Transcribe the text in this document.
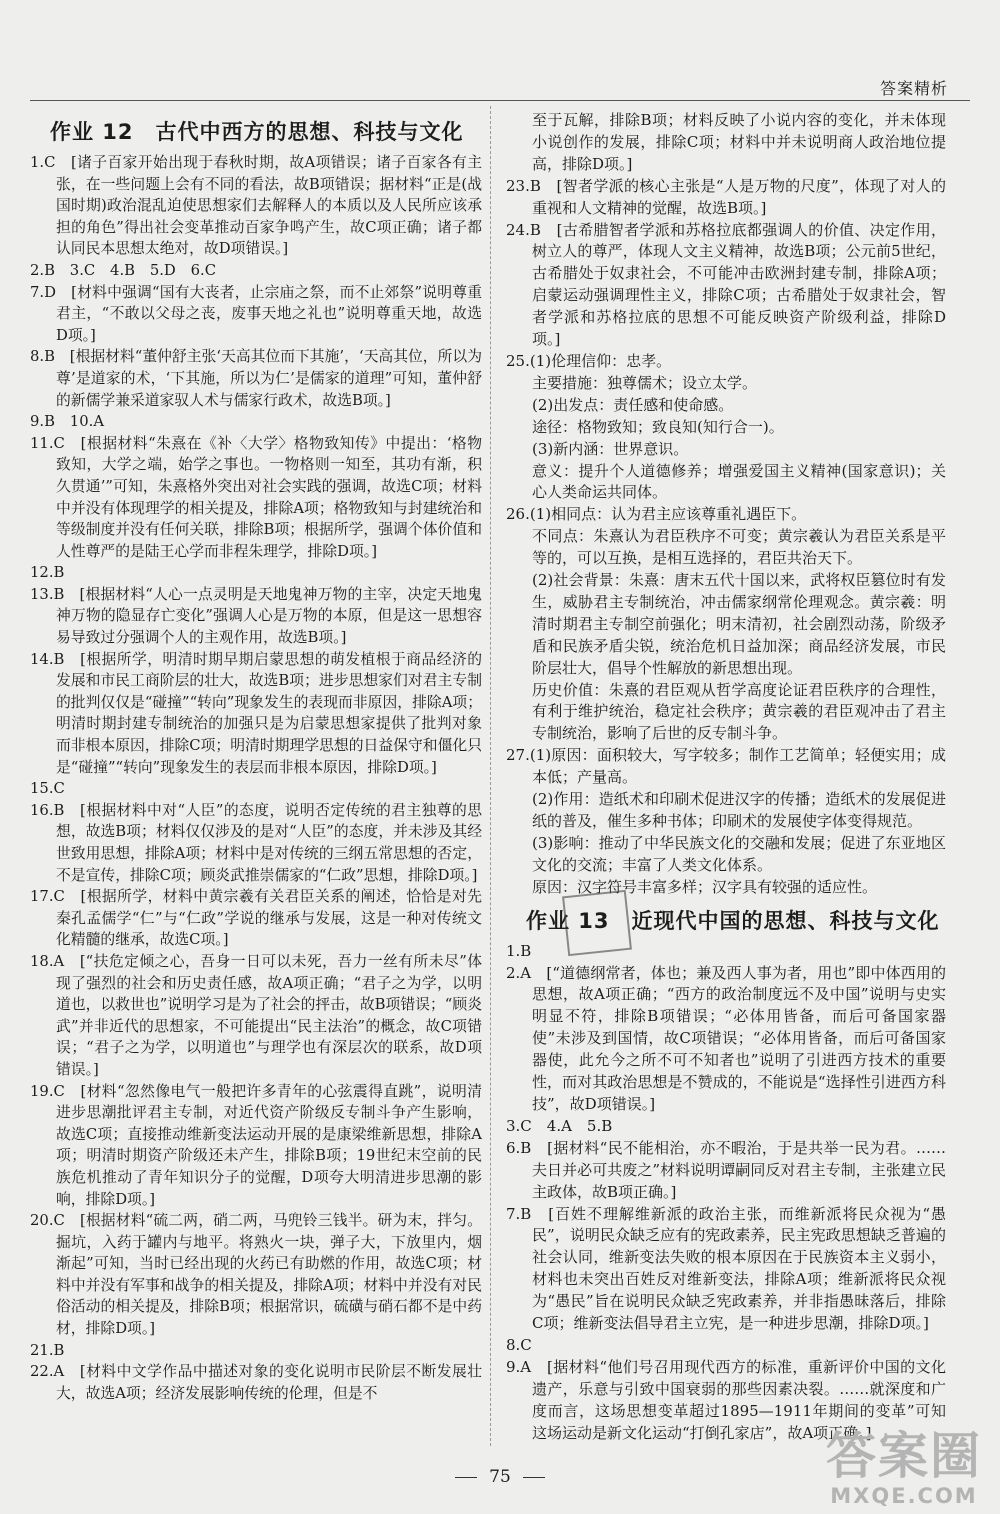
答案精析
作业 12　古代中西方的思想、科技与文化
1.C　[诸子百家开始出现于春秋时期，故A项错误；诸子百家各有主张，在一些问题上会有不同的看法，故B项错误；据材料“正是(战国时期)政治混乱迫使思想家们去解释人的本质以及人民所应该承担的角色”得出社会变革推动百家争鸣产生，故C项正确；诸子都认同民本思想太绝对，故D项错误。]
2.B　3.C　4.B　5.D　6.C
7.D　[材料中强调“国有大丧者，止宗庙之祭，而不止郊祭”说明尊重君主，“不敢以父母之丧，废事天地之礼也”说明尊重天地，故选D项。]
8.B　[根据材料“董仲舒主张‘天高其位而下其施’，‘天高其位，所以为尊’是道家的术，‘下其施，所以为仁’是儒家的道理”可知，董仲舒的新儒学兼采道家驭人术与儒家行政术，故选B项。]
9.B　10.A
11.C　[根据材料“朱熹在《补〈大学〉格物致知传》中提出：‘格物致知，大学之端，始学之事也。一物格则一知至，其功有渐，积久贯通’”可知，朱熹格外突出对社会实践的强调，故选C项；材料中并没有体现理学的相关提及，排除A项；格物致知与封建统治和等级制度并没有任何关联，排除B项；根据所学，强调个体价值和人性尊严的是陆王心学而非程朱理学，排除D项。]
12.B
13.B　[根据材料“人心一点灵明是天地鬼神万物的主宰，决定天地鬼神万物的隐显存亡变化”强调人心是万物的本原，但是这一思想容易导致过分强调个人的主观作用，故选B项。]
14.B　[根据所学，明清时期早期启蒙思想的萌发植根于商品经济的发展和市民工商阶层的壮大，故选B项；进步思想家们对君主专制的批判仅仅是“碰撞”“转向”现象发生的表现而非原因，排除A项；明清时期封建专制统治的加强只是为启蒙思想家提供了批判对象而非根本原因，排除C项；明清时期理学思想的日益保守和僵化只是“碰撞”“转向”现象发生的表层而非根本原因，排除D项。]
15.C
16.B　[根据材料中对“人臣”的态度，说明否定传统的君主独尊的思想，故选B项；材料仅仅涉及的是对“人臣”的态度，并未涉及其经世致用思想，排除A项；材料中是对传统的三纲五常思想的否定，不是宣传，排除C项；顾炎武推崇儒家的“仁政”思想，排除D项。]
17.C　[根据所学，材料中黄宗羲有关君臣关系的阐述，恰恰是对先秦孔孟儒学“仁”与“仁政”学说的继承与发展，这是一种对传统文化精髓的继承，故选C项。]
18.A　[“扶危定倾之心，吾身一日可以未死，吾力一丝有所未尽”体现了强烈的社会和历史责任感，故A项正确；“君子之为学，以明道也，以救世也”说明学习是为了社会的抨击，故B项错误；“顾炎武”并非近代的思想家，不可能提出“民主法治”的概念，故C项错误；“君子之为学，以明道也”与理学也有深层次的联系，故D项错误。]
19.C　[材料“忽然像电气一般把许多青年的心弦震得直跳”，说明清进步思潮批评君主专制，对近代资产阶级反专制斗争产生影响，故选C项；直接推动维新变法运动开展的是康梁维新思想，排除A项；明清时期资产阶级还未产生，排除B项；19世纪末空前的民族危机推动了青年知识分子的觉醒，D项夸大明清进步思潮的影响，排除D项。]
20.C　[根据材料“硫二两，硝二两，马兜铃三钱半。研为末，拌匀。掘坑，入药于罐内与地平。将熟火一块，弹子大，下放里内，烟渐起”可知，当时已经出现的火药已有助燃的作用，故选C项；材料中并没有军事和战争的相关提及，排除A项；材料中并没有对民俗活动的相关提及，排除B项；根据常识，硫磺与硝石都不是中药材，排除D项。]
21.B
22.A　[材料中文学作品中描述对象的变化说明市民阶层不断发展壮大，故选A项；经济发展影响传统的伦理，但是不
至于瓦解，排除B项；材料反映了小说内容的变化，并未体现小说创作的发展，排除C项；材料中并未说明商人政治地位提高，排除D项。]
23.B　[智者学派的核心主张是“人是万物的尺度”，体现了对人的重视和人文精神的觉醒，故选B项。]
24.B　[古希腊智者学派和苏格拉底都强调人的价值、决定作用，树立人的尊严，体现人文主义精神，故选B项；公元前5世纪，古希腊处于奴隶社会，不可能冲击欧洲封建专制，排除A项；启蒙运动强调理性主义，排除C项；古希腊处于奴隶社会，智者学派和苏格拉底的思想不可能反映资产阶级利益，排除D项。]
25.(1)伦理信仰：忠孝。
主要措施：独尊儒术；设立太学。
(2)出发点：责任感和使命感。
途径：格物致知；致良知(知行合一)。
(3)新内涵：世界意识。
意义：提升个人道德修养；增强爱国主义精神(国家意识)；关心人类命运共同体。
26.(1)相同点：认为君主应该尊重礼遇臣下。
不同点：朱熹认为君臣秩序不可变；黄宗羲认为君臣关系是平等的，可以互换，是相互选择的，君臣共治天下。
(2)社会背景：朱熹：唐末五代十国以来，武将权臣篡位时有发生，威胁君主专制统治，冲击儒家纲常伦理观念。黄宗羲：明清时期君主专制空前强化；明末清初，社会剧烈动荡，阶级矛盾和民族矛盾尖锐，统治危机日益加深；商品经济发展，市民阶层壮大，倡导个性解放的新思想出现。
历史价值：朱熹的君臣观从哲学高度论证君臣秩序的合理性，有利于维护统治，稳定社会秩序；黄宗羲的君臣观冲击了君主专制统治，影响了后世的反专制斗争。
27.(1)原因：面积较大，写字较多；制作工艺简单；轻便实用；成本低；产量高。
(2)作用：造纸术和印刷术促进汉字的传播；造纸术的发展促进纸的普及，催生多种书体；印刷术的发展使字体变得规范。
(3)影响：推动了中华民族文化的交融和发展；促进了东亚地区文化的交流；丰富了人类文化体系。
原因：汉字符号丰富多样；汉字具有较强的适应性。
作业 13　近现代中国的思想、科技与文化
1.B
2.A　[“道德纲常者，体也；兼及西人事为者，用也”即中体西用的思想，故A项正确；“西方的政治制度远不及中国”说明与史实明显不符，排除B项错误；“必体用皆备，而后可备国家器使”未涉及到国情，故C项错误；“必体用皆备，而后可备国家器使，此允今之所不可不知者也”说明了引进西方技术的重要性，而对其政治思想是不赞成的，不能说是“选择性引进西方科技”，故D项错误。]
3.C　4.A　5.B
6.B　[据材料“民不能相治，亦不暇治，于是共举一民为君。……夫日并必可共废之”材料说明谭嗣同反对君主专制，主张建立民主政体，故B项正确。]
7.B　[百姓不理解维新派的政治主张，而维新派将民众视为“愚民”，说明民众缺乏应有的宪政素养，民主宪政思想缺乏普遍的社会认同，维新变法失败的根本原因在于民族资本主义弱小，材料也未突出百姓反对维新变法，排除A项；维新派将民众视为“愚民”旨在说明民众缺乏宪政素养，并非指愚昧落后，排除C项；维新变法倡导君主立宪，是一种进步思潮，排除D项。]
8.C
9.A　[据材料“他们号召用现代西方的标准，重新评价中国的文化遗产，乐意与引致中国衰弱的那些因素决裂。……就深度和广度而言，这场思想变革超过1895—1911年期间的变革”可知这场运动是新文化运动“打倒孔家店”，故A项正确。]
75	答案圈
MXQE.COM
